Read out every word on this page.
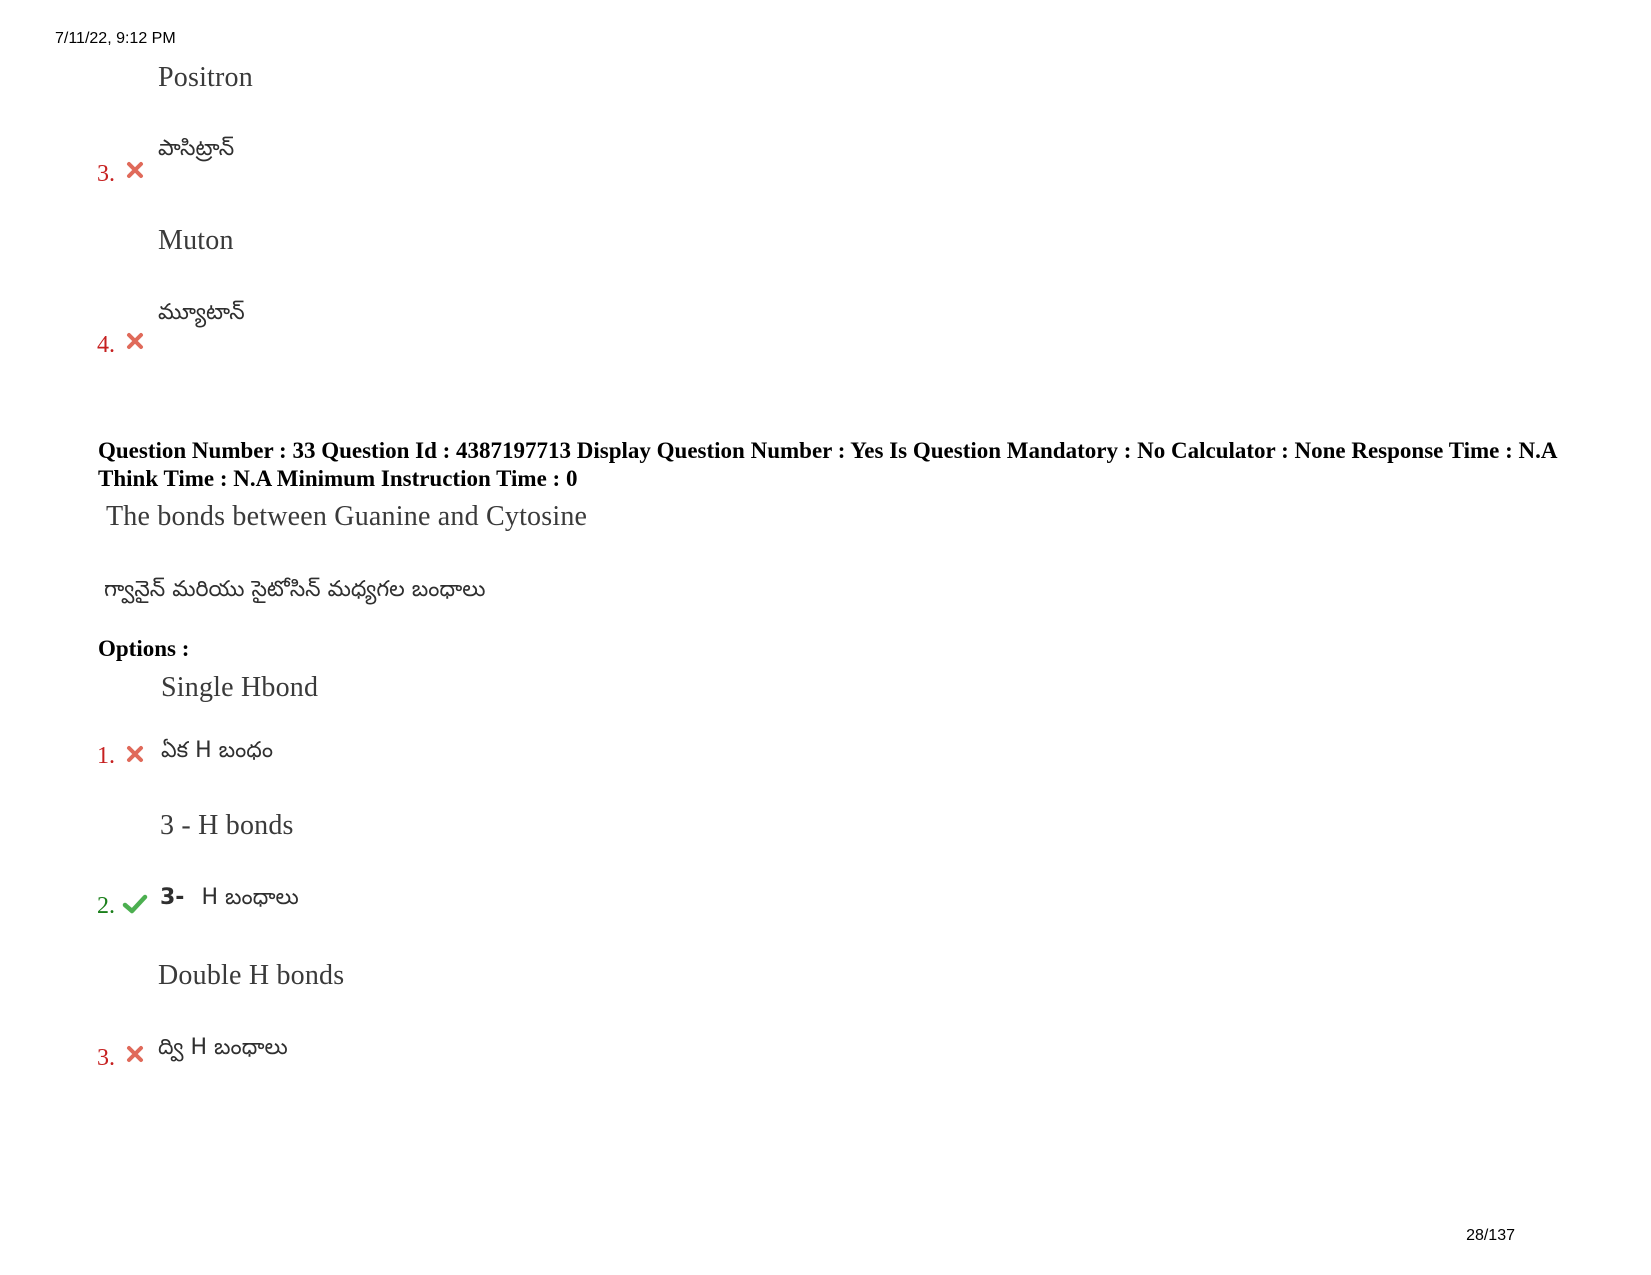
7/11/22, 9:12 PM
28/137
Positron
పాసిట్రాన్
3.
Muton
మ్యూటాన్
4.
Question Number : 33 Question Id : 4387197713 Display Question Number : Yes Is Question Mandatory : No Calculator : None Response Time : N.A Think Time : N.A Minimum Instruction Time : 0
The bonds between Guanine and Cytosine
గ్వానైన్ మరియు సైటోసిన్ మధ్యగల బంధాలు
Options :
Single Hbond
ఏక H బంధం
1.
3 - H bonds
3- H బంధాలు
2.
Double H bonds
ద్వి H బంధాలు
3.
